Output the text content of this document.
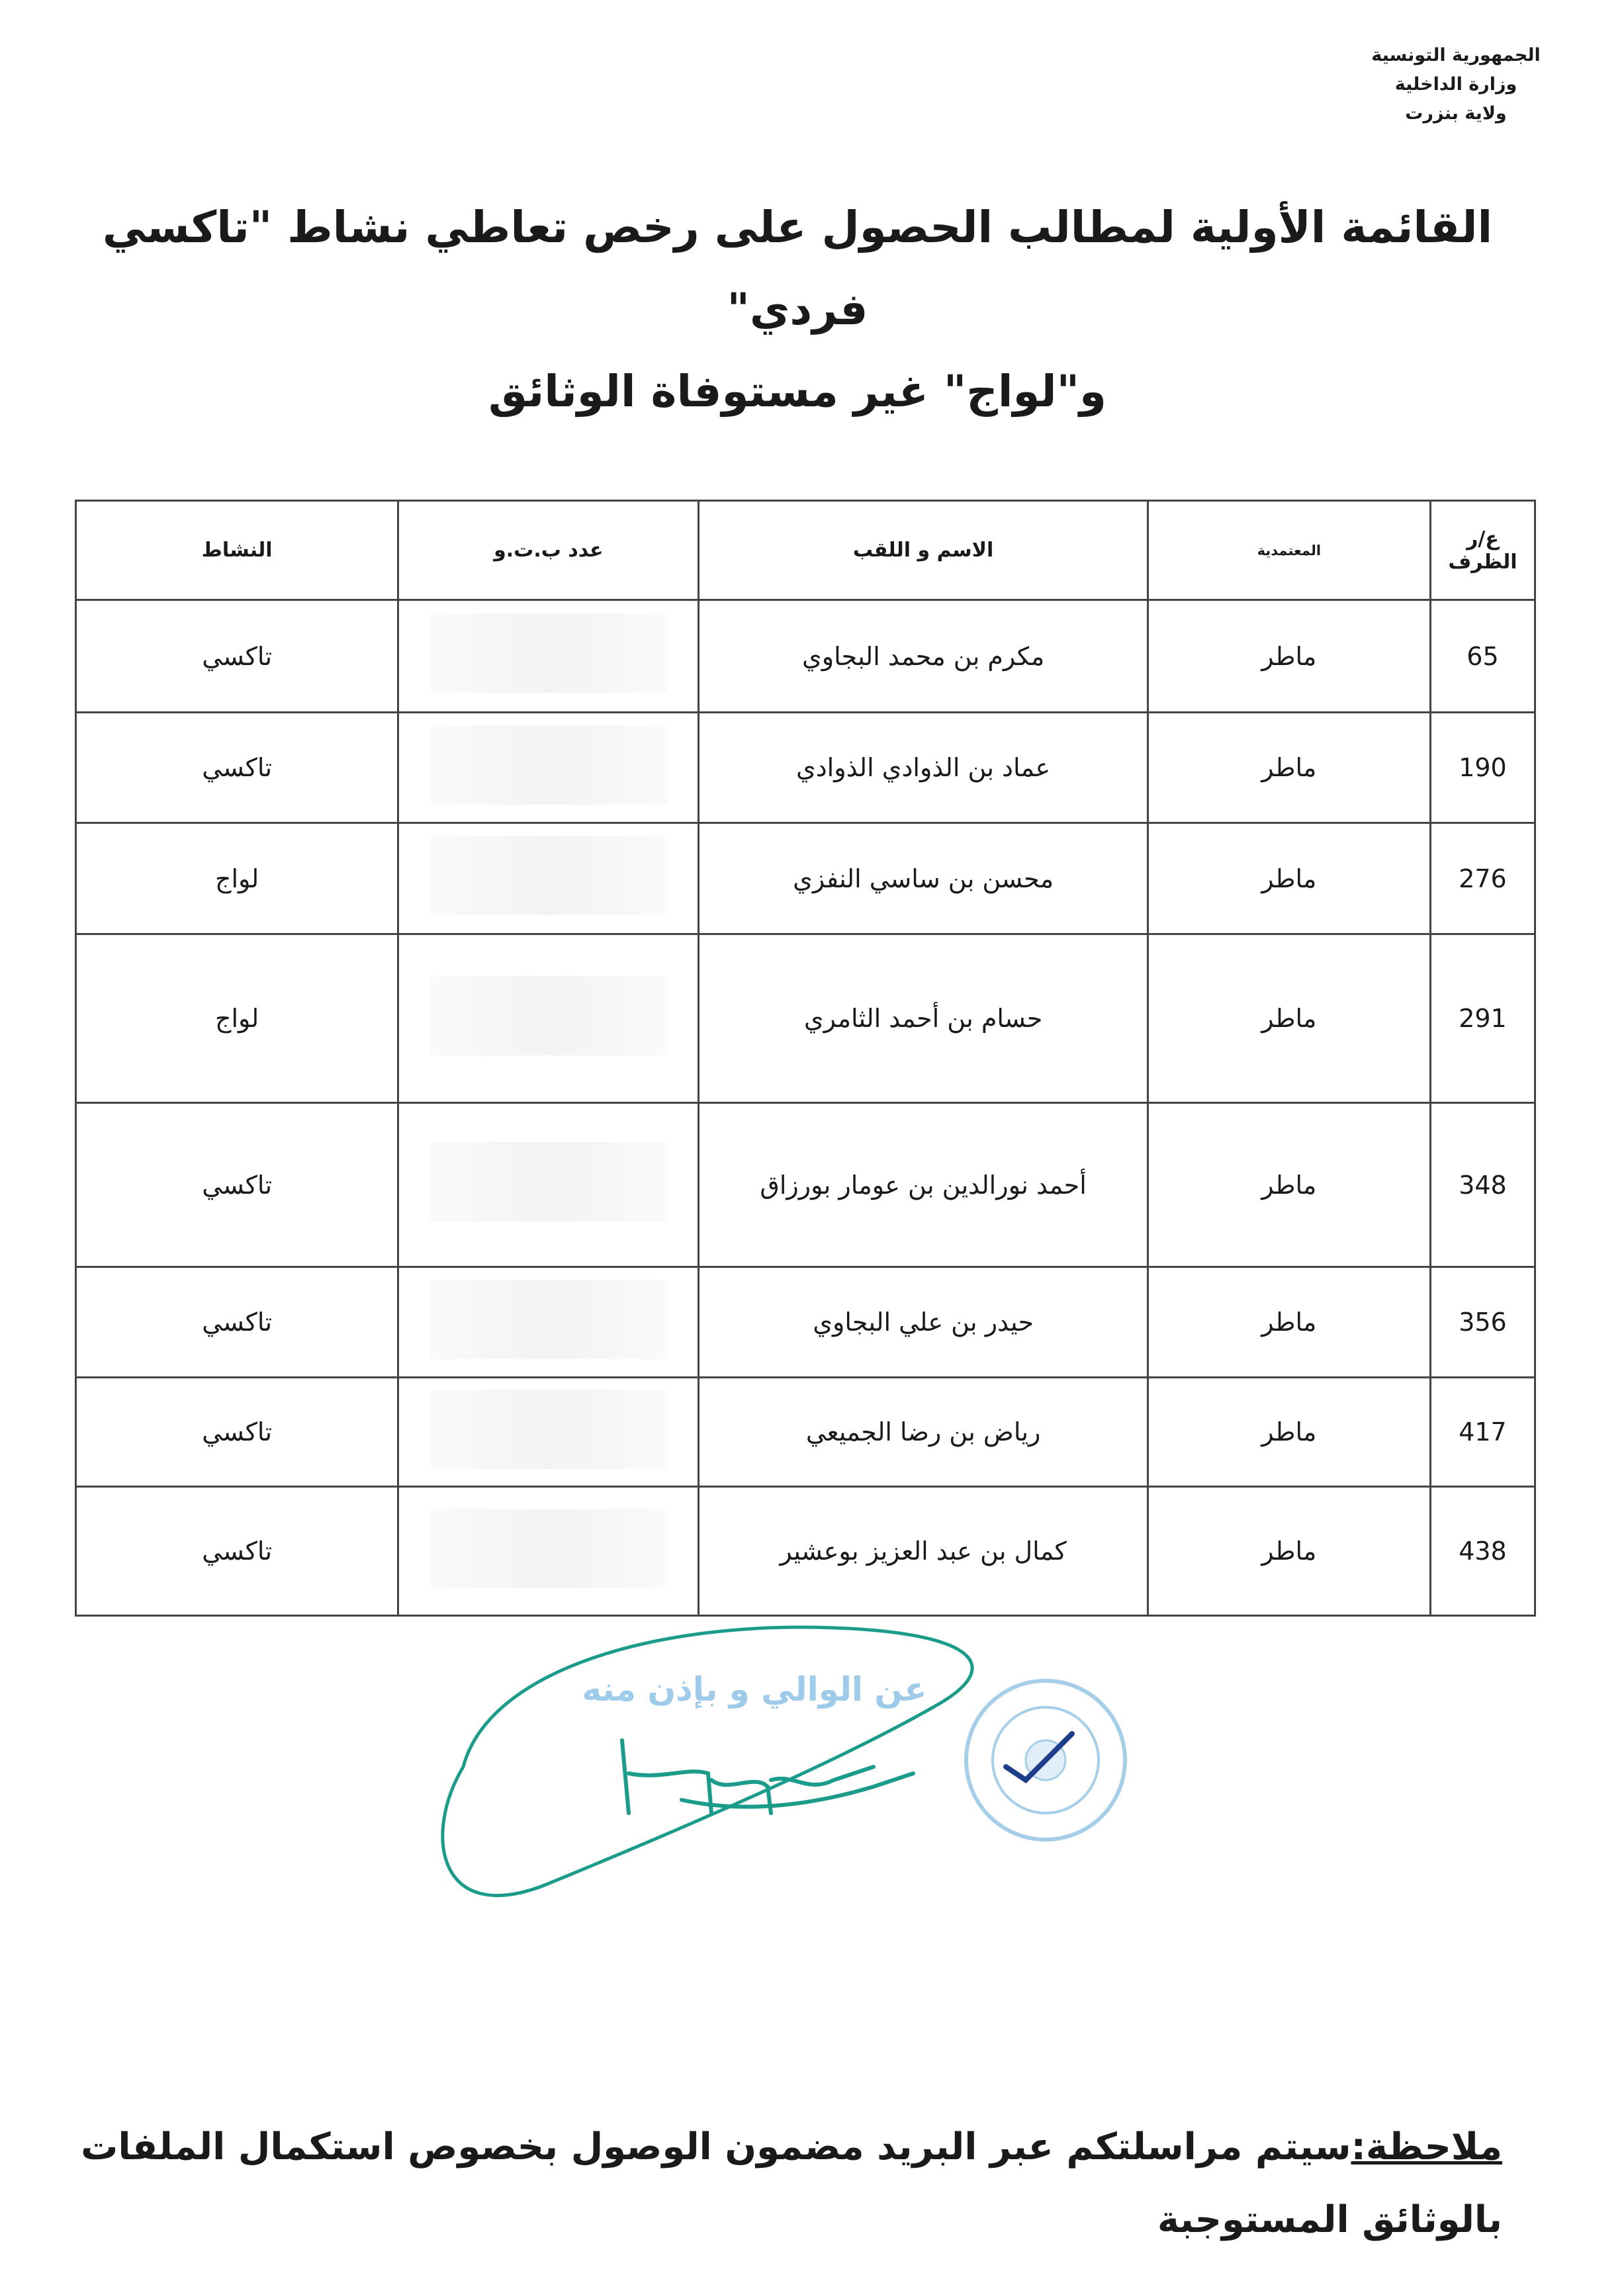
الجمهورية التونسية
وزارة الداخلية
ولاية بنزرت
القائمة الأولية لمطالب الحصول على رخص تعاطي نشاط "تاكسي فردي"
و"لواج" غير مستوفاة الوثائق
ع/ر الظرف	المعتمدية	الاسم و اللقب	عدد ب.ت.و	النشاط
65	ماطر	مكرم بن محمد البجاوي		تاكسي
190	ماطر	عماد بن الذوادي الذوادي		تاكسي
276	ماطر	محسن بن ساسي النفزي		لواج
291	ماطر	حسام بن أحمد الثامري		لواج
348	ماطر	أحمد نورالدين بن عومار بورزاق		تاكسي
356	ماطر	حيدر بن علي البجاوي		تاكسي
417	ماطر	رياض بن رضا الجميعي		تاكسي
438	ماطر	كمال بن عبد العزيز بوعشير		تاكسي
عن الوالي و بإذن منه
ملاحظة:سيتم مراسلتكم عبر البريد مضمون الوصول بخصوص استكمال الملفات بالوثائق المستوجبة
